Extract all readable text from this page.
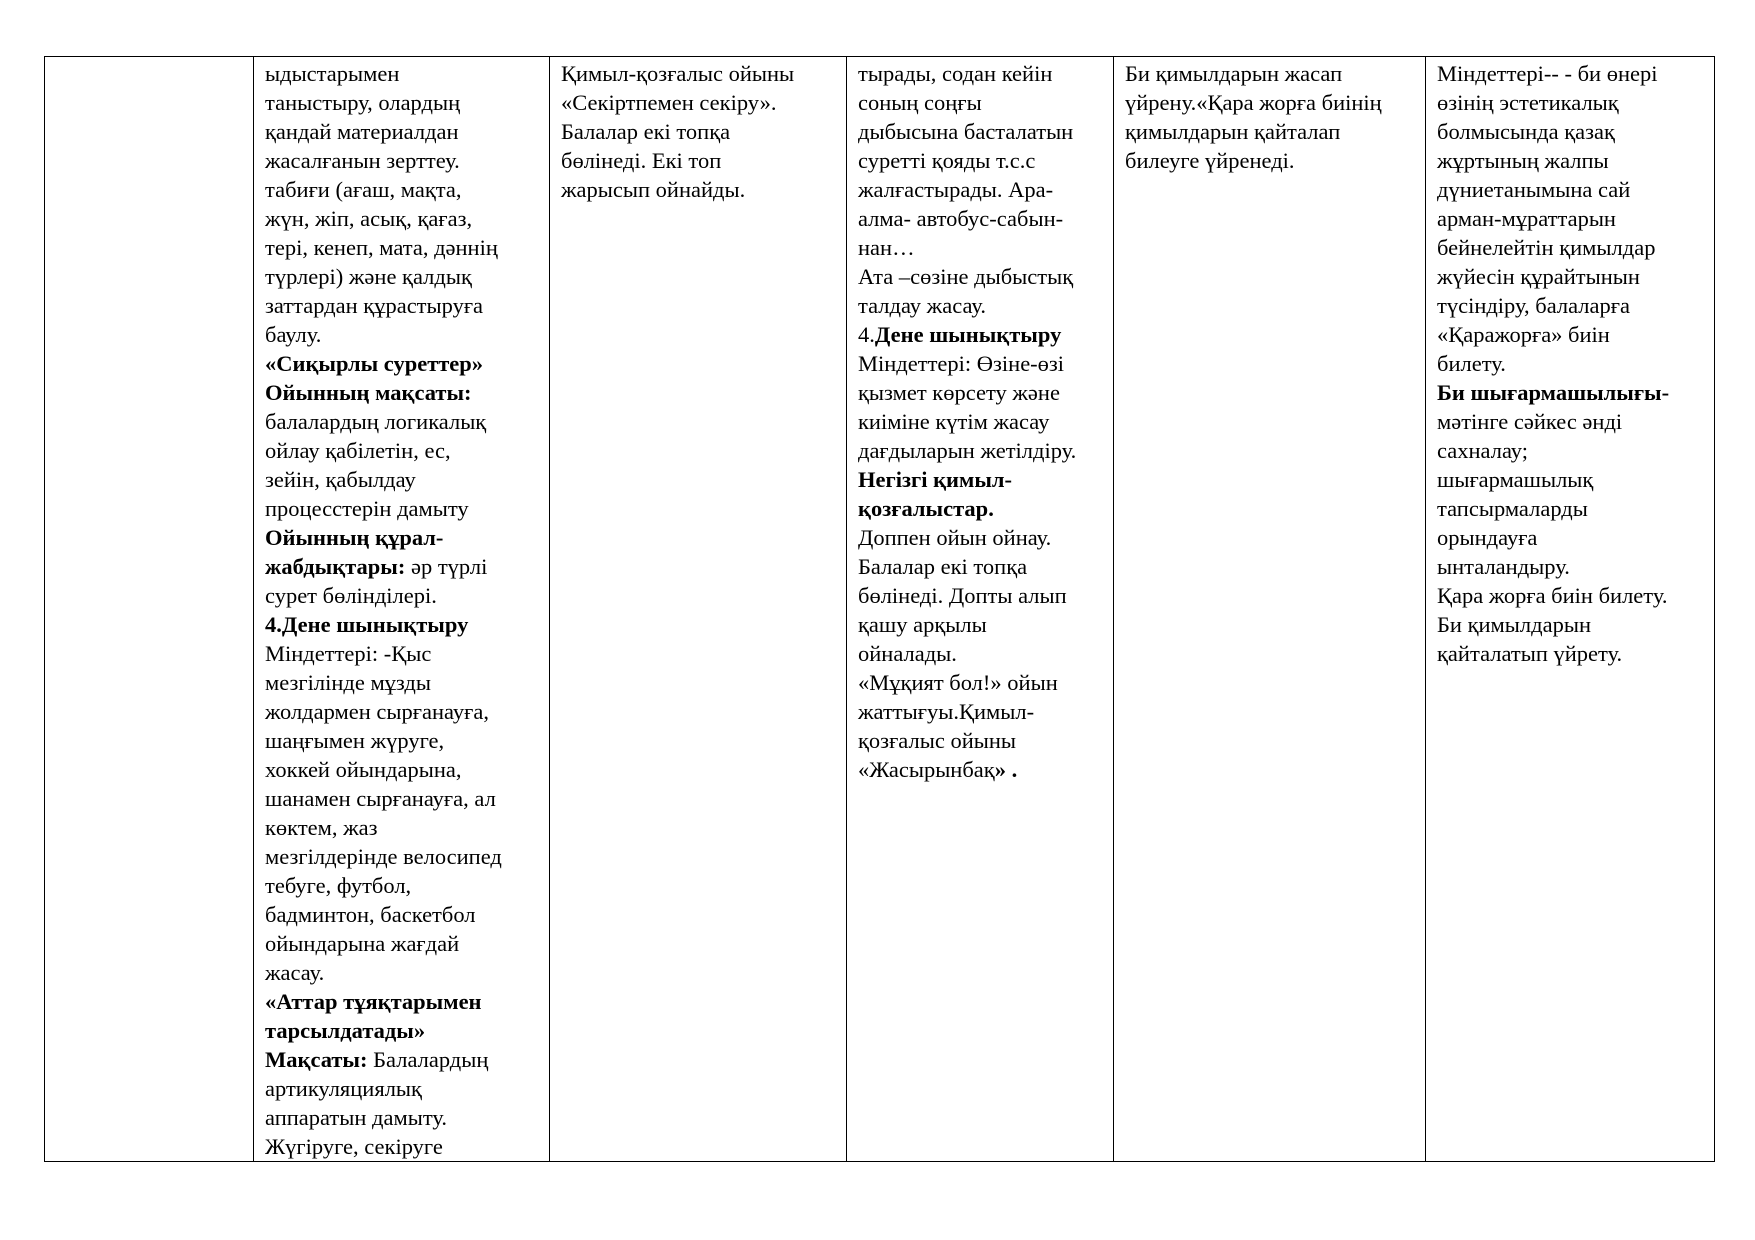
ыдыстарымен
таныстыру, олардың
қандай материалдан
жасалғанын зерттеу.
табиғи (ағаш, мақта,
жүн, жіп, асық, қағаз,
тері, кенеп, мата, дәннің
түрлері) және қалдық
заттардан құрастыруға
баулу.
«Сиқырлы суреттер»
Ойынның мақсаты:
балалардың логикалық
ойлау қабілетін, ес,
зейін, қабылдау
процесстерін дамыту
Ойынның құрал-
жабдықтары: әр түрлі
сурет бөлінділері.
4.Дене шынықтыру
Міндеттері: -Қыс
мезгілінде мұзды
жолдармен сырғанауға,
шаңғымен жүруге,
хоккей ойындарына,
шанамен сырғанауға, ал
көктем, жаз
мезгілдерінде велосипед
тебуге, футбол,
бадминтон, баскетбол
ойындарына жағдай
жасау.
«Аттар тұяқтарымен
тарсылдатады»
Мақсаты: Балалардың
артикуляциялық
аппаратын дамыту.
Жүгіруге, секіруге

Қимыл-қозғалыс ойыны
«Секіртпемен секіру».
Балалар екі топқа
бөлінеді. Екі топ
жарысып ойнайды.

тырады, содан кейін
соның соңғы
дыбысына басталатын
суретті қояды т.с.с
жалғастырады. Ара-
алма- автобус-сабын-
нан…
Ата –сөзіне дыбыстық
талдау жасау.
4.Дене шынықтыру
Міндеттері: Өзіне-өзі
қызмет көрсету және
киіміне күтім жасау
дағдыларын жетілдіру.
Негізгі қимыл-
қозғалыстар.
Доппен ойын ойнау.
Балалар екі топқа
бөлінеді. Допты алып
қашу арқылы
ойналады.
«Мұқият бол!» ойын
жаттығуы.Қимыл-
қозғалыс ойыны
«Жасырынбақ» .

Би қимылдарын жасап
үйрену.«Қара жорға биінің
қимылдарын қайталап
билеуге үйренеді.

Міндеттері-- - би өнері
өзінің эстетикалық
болмысында қазақ
жұртының жалпы
дүниетанымына сай
арман-мұраттарын
бейнелейтін қимылдар
жүйесін құрайтынын
түсіндіру, балаларға
«Қаражорға» биін
билету.
Би шығармашылығы-
мәтінге сәйкес әнді
сахналау;
шығармашылық
тапсырмаларды
орындауға
ынталандыру.
Қара жорға биін билету.
Би қимылдарын
қайталатып үйрету.
